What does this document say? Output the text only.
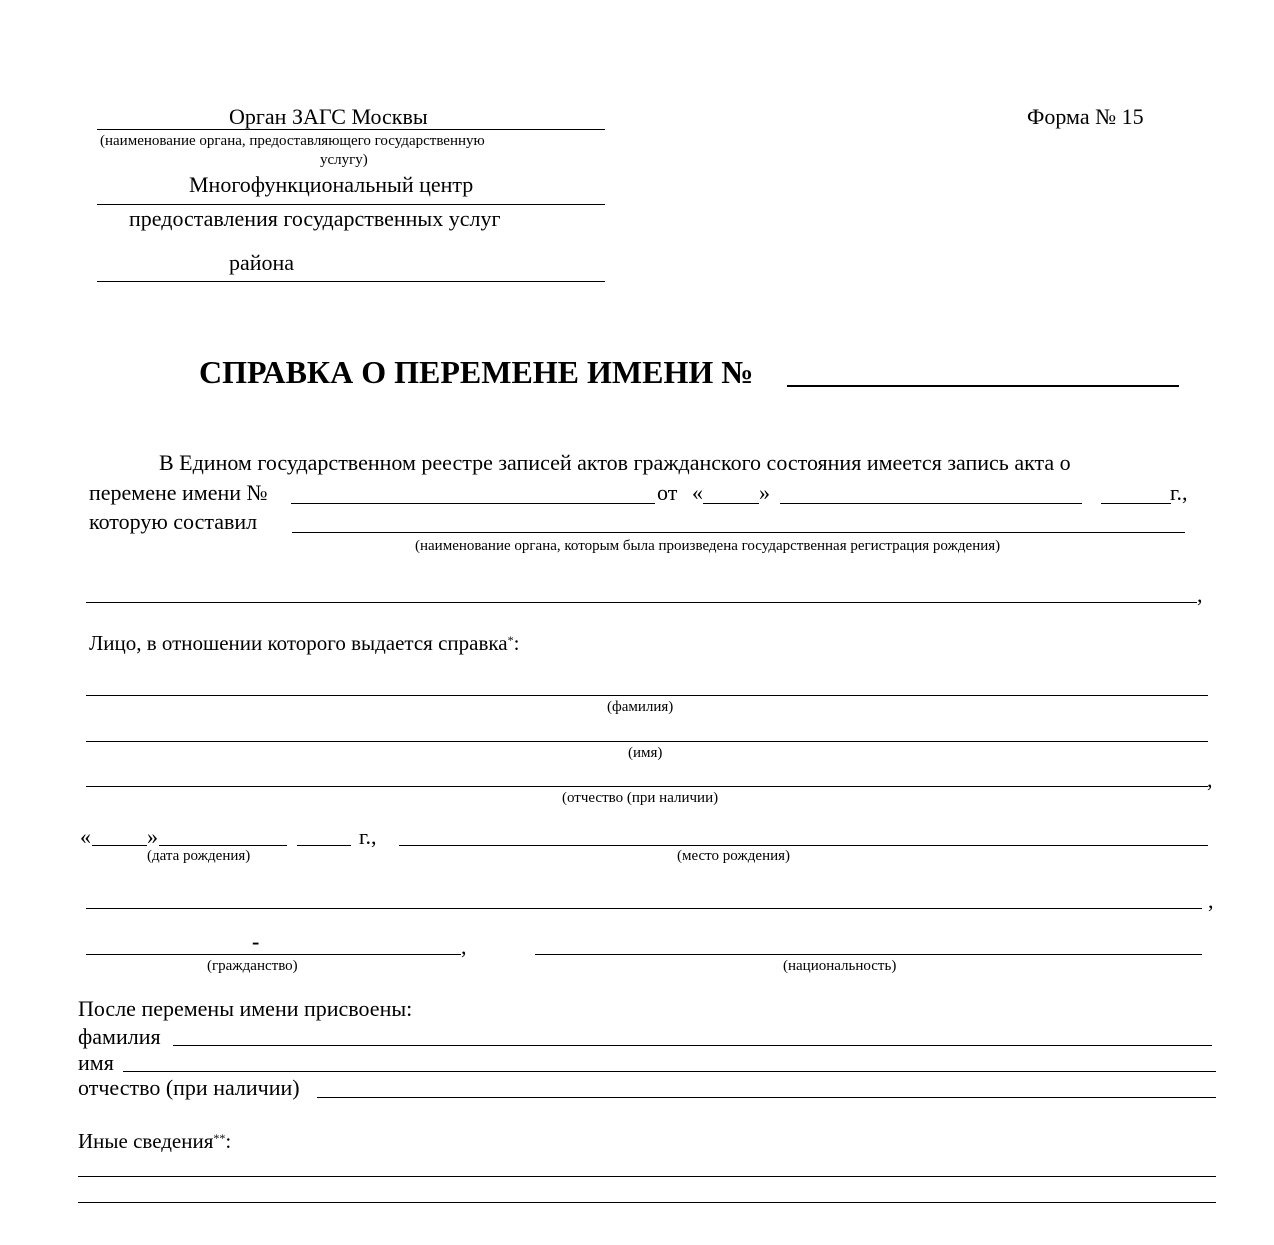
Орган ЗАГС Москвы
(наименование органа, предоставляющего государственную
услугу)
Многофункциональный центр
предоставления государственных услуг
района
Форма № 15
СПРАВКА О ПЕРЕМЕНЕ ИМЕНИ №
В Едином государственном реестре записей актов гражданского состояния имеется запись акта о
перемене имени №	от «	»	г.,
которую составил
(наименование органа, которым была произведена государственная регистрация рождения)
,
Лицо, в отношении которого выдается справка*:
(фамилия)
(имя)
,
(отчество (при наличии)
«	»	г.,
(дата рождения)	(место рождения)
,
-	,
(гражданство)	(национальность)
После перемены имени присвоены:
фамилия
имя
отчество (при наличии)
Иные сведения**:
